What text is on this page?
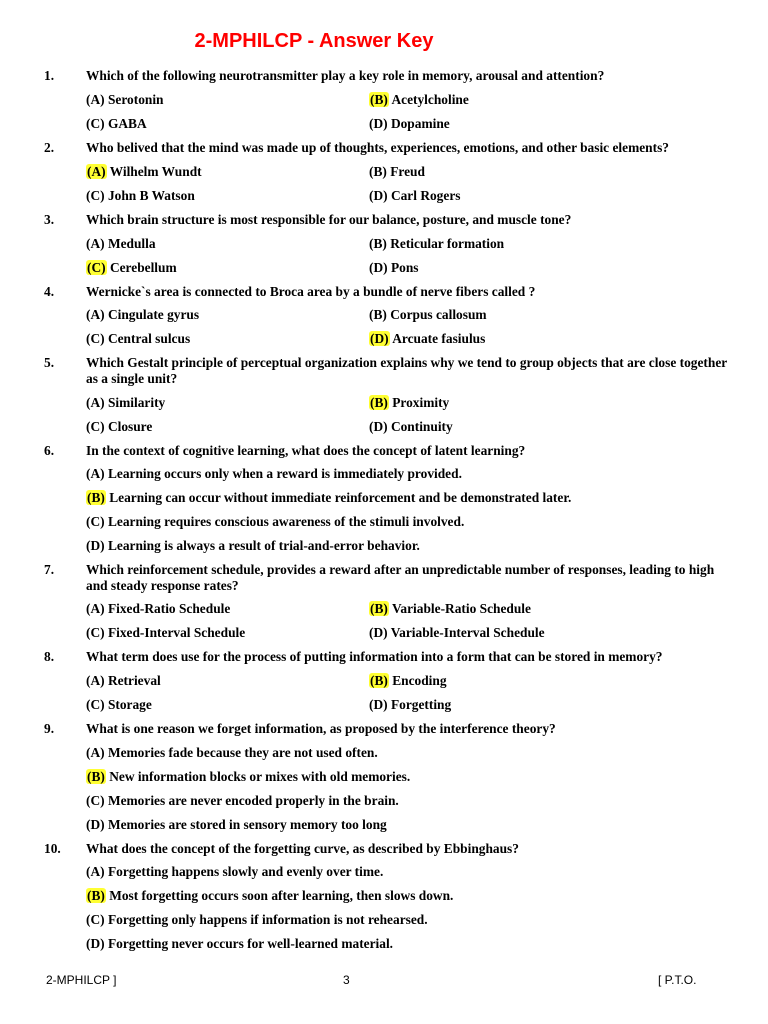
2-MPHILCP - Answer Key
1. Which of the following neurotransmitter play a key role in memory, arousal and attention?
(A) Serotonin	(B) Acetylcholine
(C) GABA	(D) Dopamine
2. Who belived that the mind was made up of thoughts, experiences, emotions, and other basic elements?
(A) Wilhelm Wundt	(B) Freud
(C) John B Watson	(D) Carl Rogers
3. Which brain structure is most responsible for our balance, posture, and muscle tone?
(A) Medulla	(B) Reticular formation
(C) Cerebellum	(D) Pons
4. Wernicke`s area is connected to Broca area by a bundle of nerve fibers called ?
(A) Cingulate gyrus	(B) Corpus callosum
(C) Central sulcus	(D) Arcuate fasiulus
5. Which Gestalt principle of perceptual organization explains why we tend to group objects that are close together as a single unit?
(A) Similarity	(B) Proximity
(C) Closure	(D) Continuity
6. In the context of cognitive learning, what does the concept of latent learning?
(A) Learning occurs only when a reward is immediately provided.
(B) Learning can occur without immediate reinforcement and be demonstrated later.
(C) Learning requires conscious awareness of the stimuli involved.
(D) Learning is always a result of trial-and-error behavior.
7. Which reinforcement schedule, provides a reward after an unpredictable number of responses, leading to high and steady response rates?
(A) Fixed-Ratio Schedule	(B) Variable-Ratio Schedule
(C) Fixed-Interval Schedule	(D) Variable-Interval Schedule
8. What term does use for the process of putting information into a form that can be stored in memory?
(A) Retrieval	(B) Encoding
(C) Storage	(D) Forgetting
9. What is one reason we forget information, as proposed by the interference theory?
(A) Memories fade because they are not used often.
(B) New information blocks or mixes with old memories.
(C) Memories are never encoded properly in the brain.
(D) Memories are stored in sensory memory too long
10. What does the concept of the forgetting curve, as described by Ebbinghaus?
(A) Forgetting happens slowly and evenly over time.
(B) Most forgetting occurs soon after learning, then slows down.
(C) Forgetting only happens if information is not rehearsed.
(D) Forgetting never occurs for well-learned material.
2-MPHILCP ]	3	[ P.T.O.
